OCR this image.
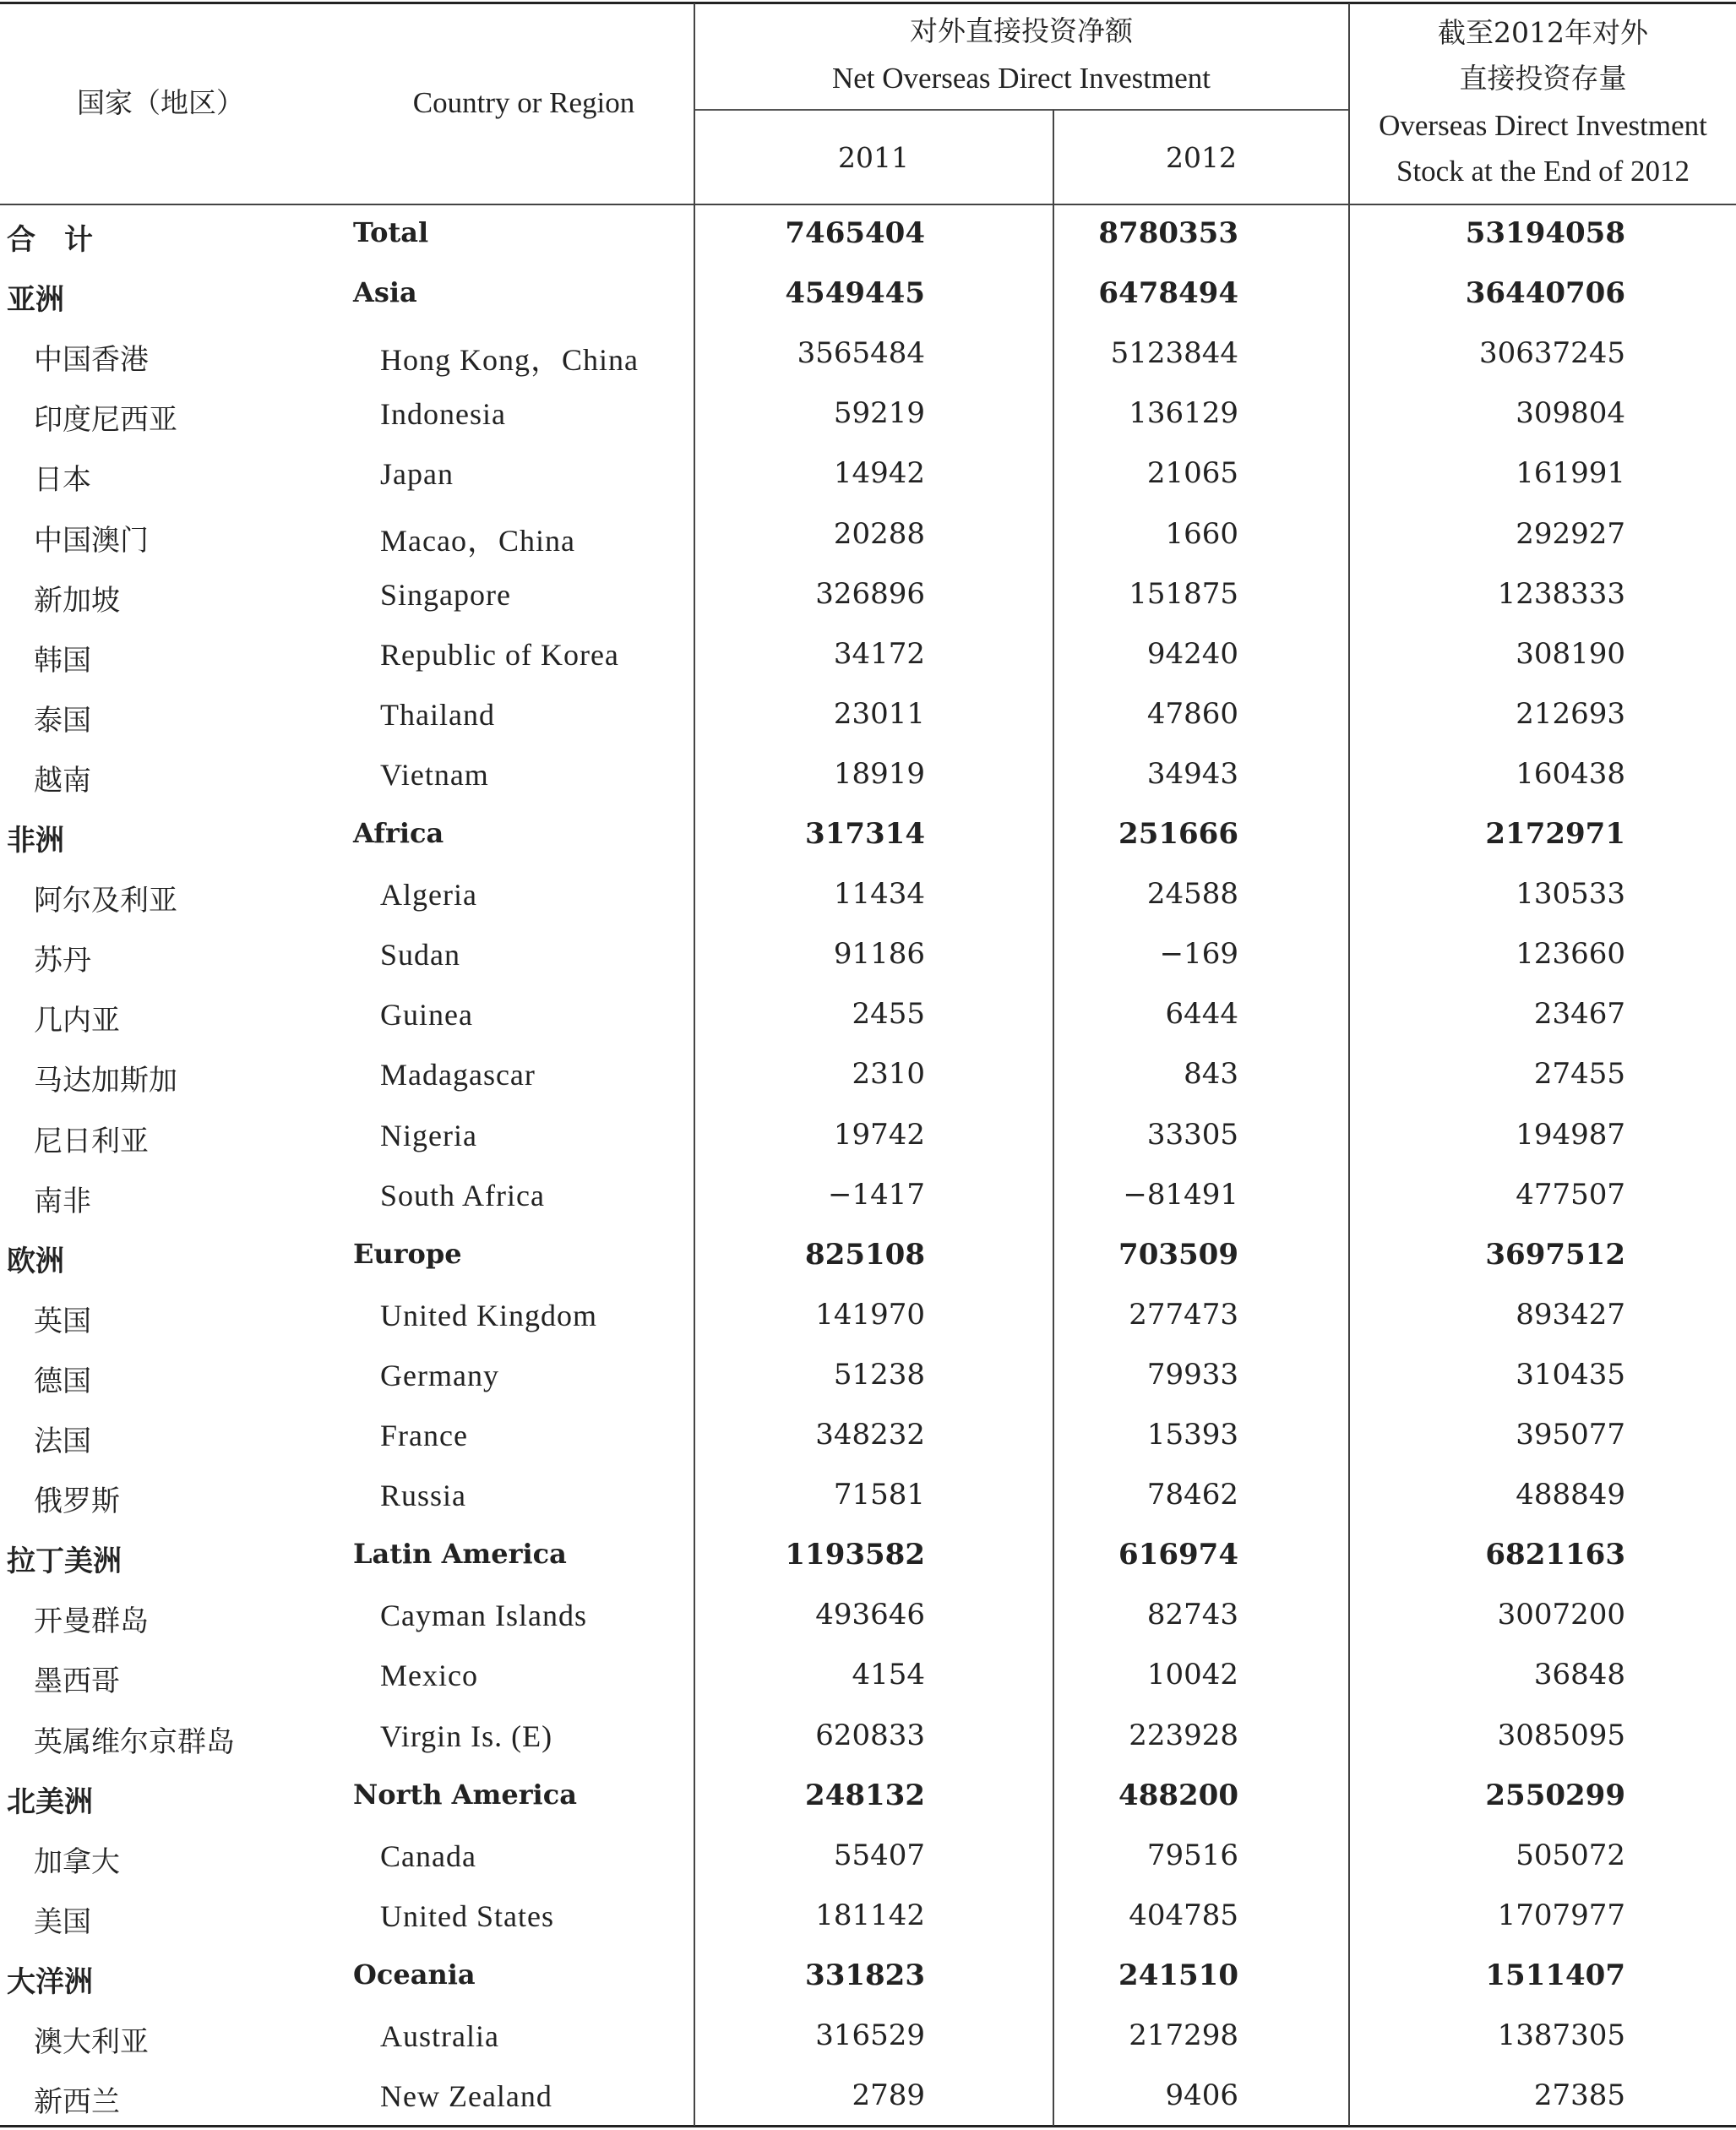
国家（地区）	Country or Region
对外直接投资净额
Net Overseas Direct Investment
2011	2012
截至2012年对外
直接投资存量
Overseas Direct Investment
Stock at the End of 2012
合　计	Total	7465404	8780353	53194058
亚洲	Asia	4549445	6478494	36440706
中国香港	Hong Kong，China	3565484	5123844	30637245
印度尼西亚	Indonesia	59219	136129	309804
日本	Japan	14942	21065	161991
中国澳门	Macao，China	20288	1660	292927
新加坡	Singapore	326896	151875	1238333
韩国	Republic of Korea	34172	94240	308190
泰国	Thailand	23011	47860	212693
越南	Vietnam	18919	34943	160438
非洲	Africa	317314	251666	2172971
阿尔及利亚	Algeria	11434	24588	130533
苏丹	Sudan	91186	−169	123660
几内亚	Guinea	2455	6444	23467
马达加斯加	Madagascar	2310	843	27455
尼日利亚	Nigeria	19742	33305	194987
南非	South Africa	−1417	−81491	477507
欧洲	Europe	825108	703509	3697512
英国	United Kingdom	141970	277473	893427
德国	Germany	51238	79933	310435
法国	France	348232	15393	395077
俄罗斯	Russia	71581	78462	488849
拉丁美洲	Latin America	1193582	616974	6821163
开曼群岛	Cayman Islands	493646	82743	3007200
墨西哥	Mexico	4154	10042	36848
英属维尔京群岛	Virgin Is. (E)	620833	223928	3085095
北美洲	North America	248132	488200	2550299
加拿大	Canada	55407	79516	505072
美国	United States	181142	404785	1707977
大洋洲	Oceania	331823	241510	1511407
澳大利亚	Australia	316529	217298	1387305
新西兰	New Zealand	2789	9406	27385
